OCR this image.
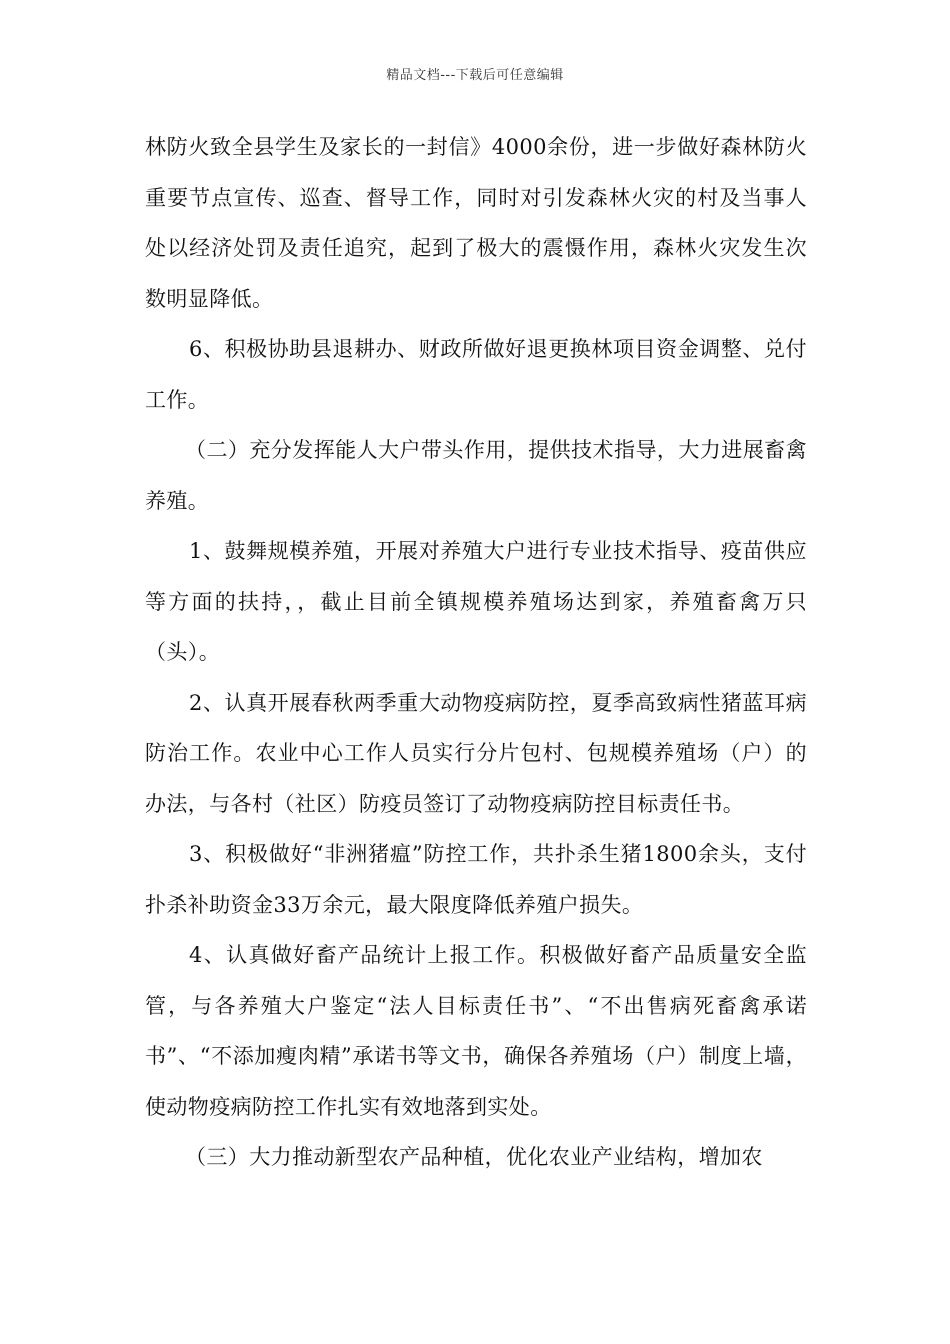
精品文档---下载后可任意编辑

林防火致全县学生及家长的一封信》4000余份，进一步做好森林防火重要节点宣传、巡查、督导工作，同时对引发森林火灾的村及当事人处以经济处罚及责任追究，起到了极大的震慑作用，森林火灾发生次数明显降低。

6、积极协助县退耕办、财政所做好退更换林项目资金调整、兑付工作。

（二）充分发挥能人大户带头作用，提供技术指导，大力进展畜禽养殖。

1、鼓舞规模养殖，开展对养殖大户进行专业技术指导、疫苗供应等方面的扶持，，截止目前全镇规模养殖场达到家，养殖畜禽万只（头）。

2、认真开展春秋两季重大动物疫病防控，夏季高致病性猪蓝耳病防治工作。农业中心工作人员实行分片包村、包规模养殖场（户）的办法，与各村（社区）防疫员签订了动物疫病防控目标责任书。

3、积极做好“非洲猪瘟”防控工作，共扑杀生猪1800余头，支付扑杀补助资金33万余元，最大限度降低养殖户损失。

4、认真做好畜产品统计上报工作。积极做好畜产品质量安全监管，与各养殖大户鉴定“法人目标责任书”、“不出售病死畜禽承诺书”、“不添加瘦肉精”承诺书等文书，确保各养殖场（户）制度上墙，使动物疫病防控工作扎实有效地落到实处。

（三）大力推动新型农产品种植，优化农业产业结构，增加农
